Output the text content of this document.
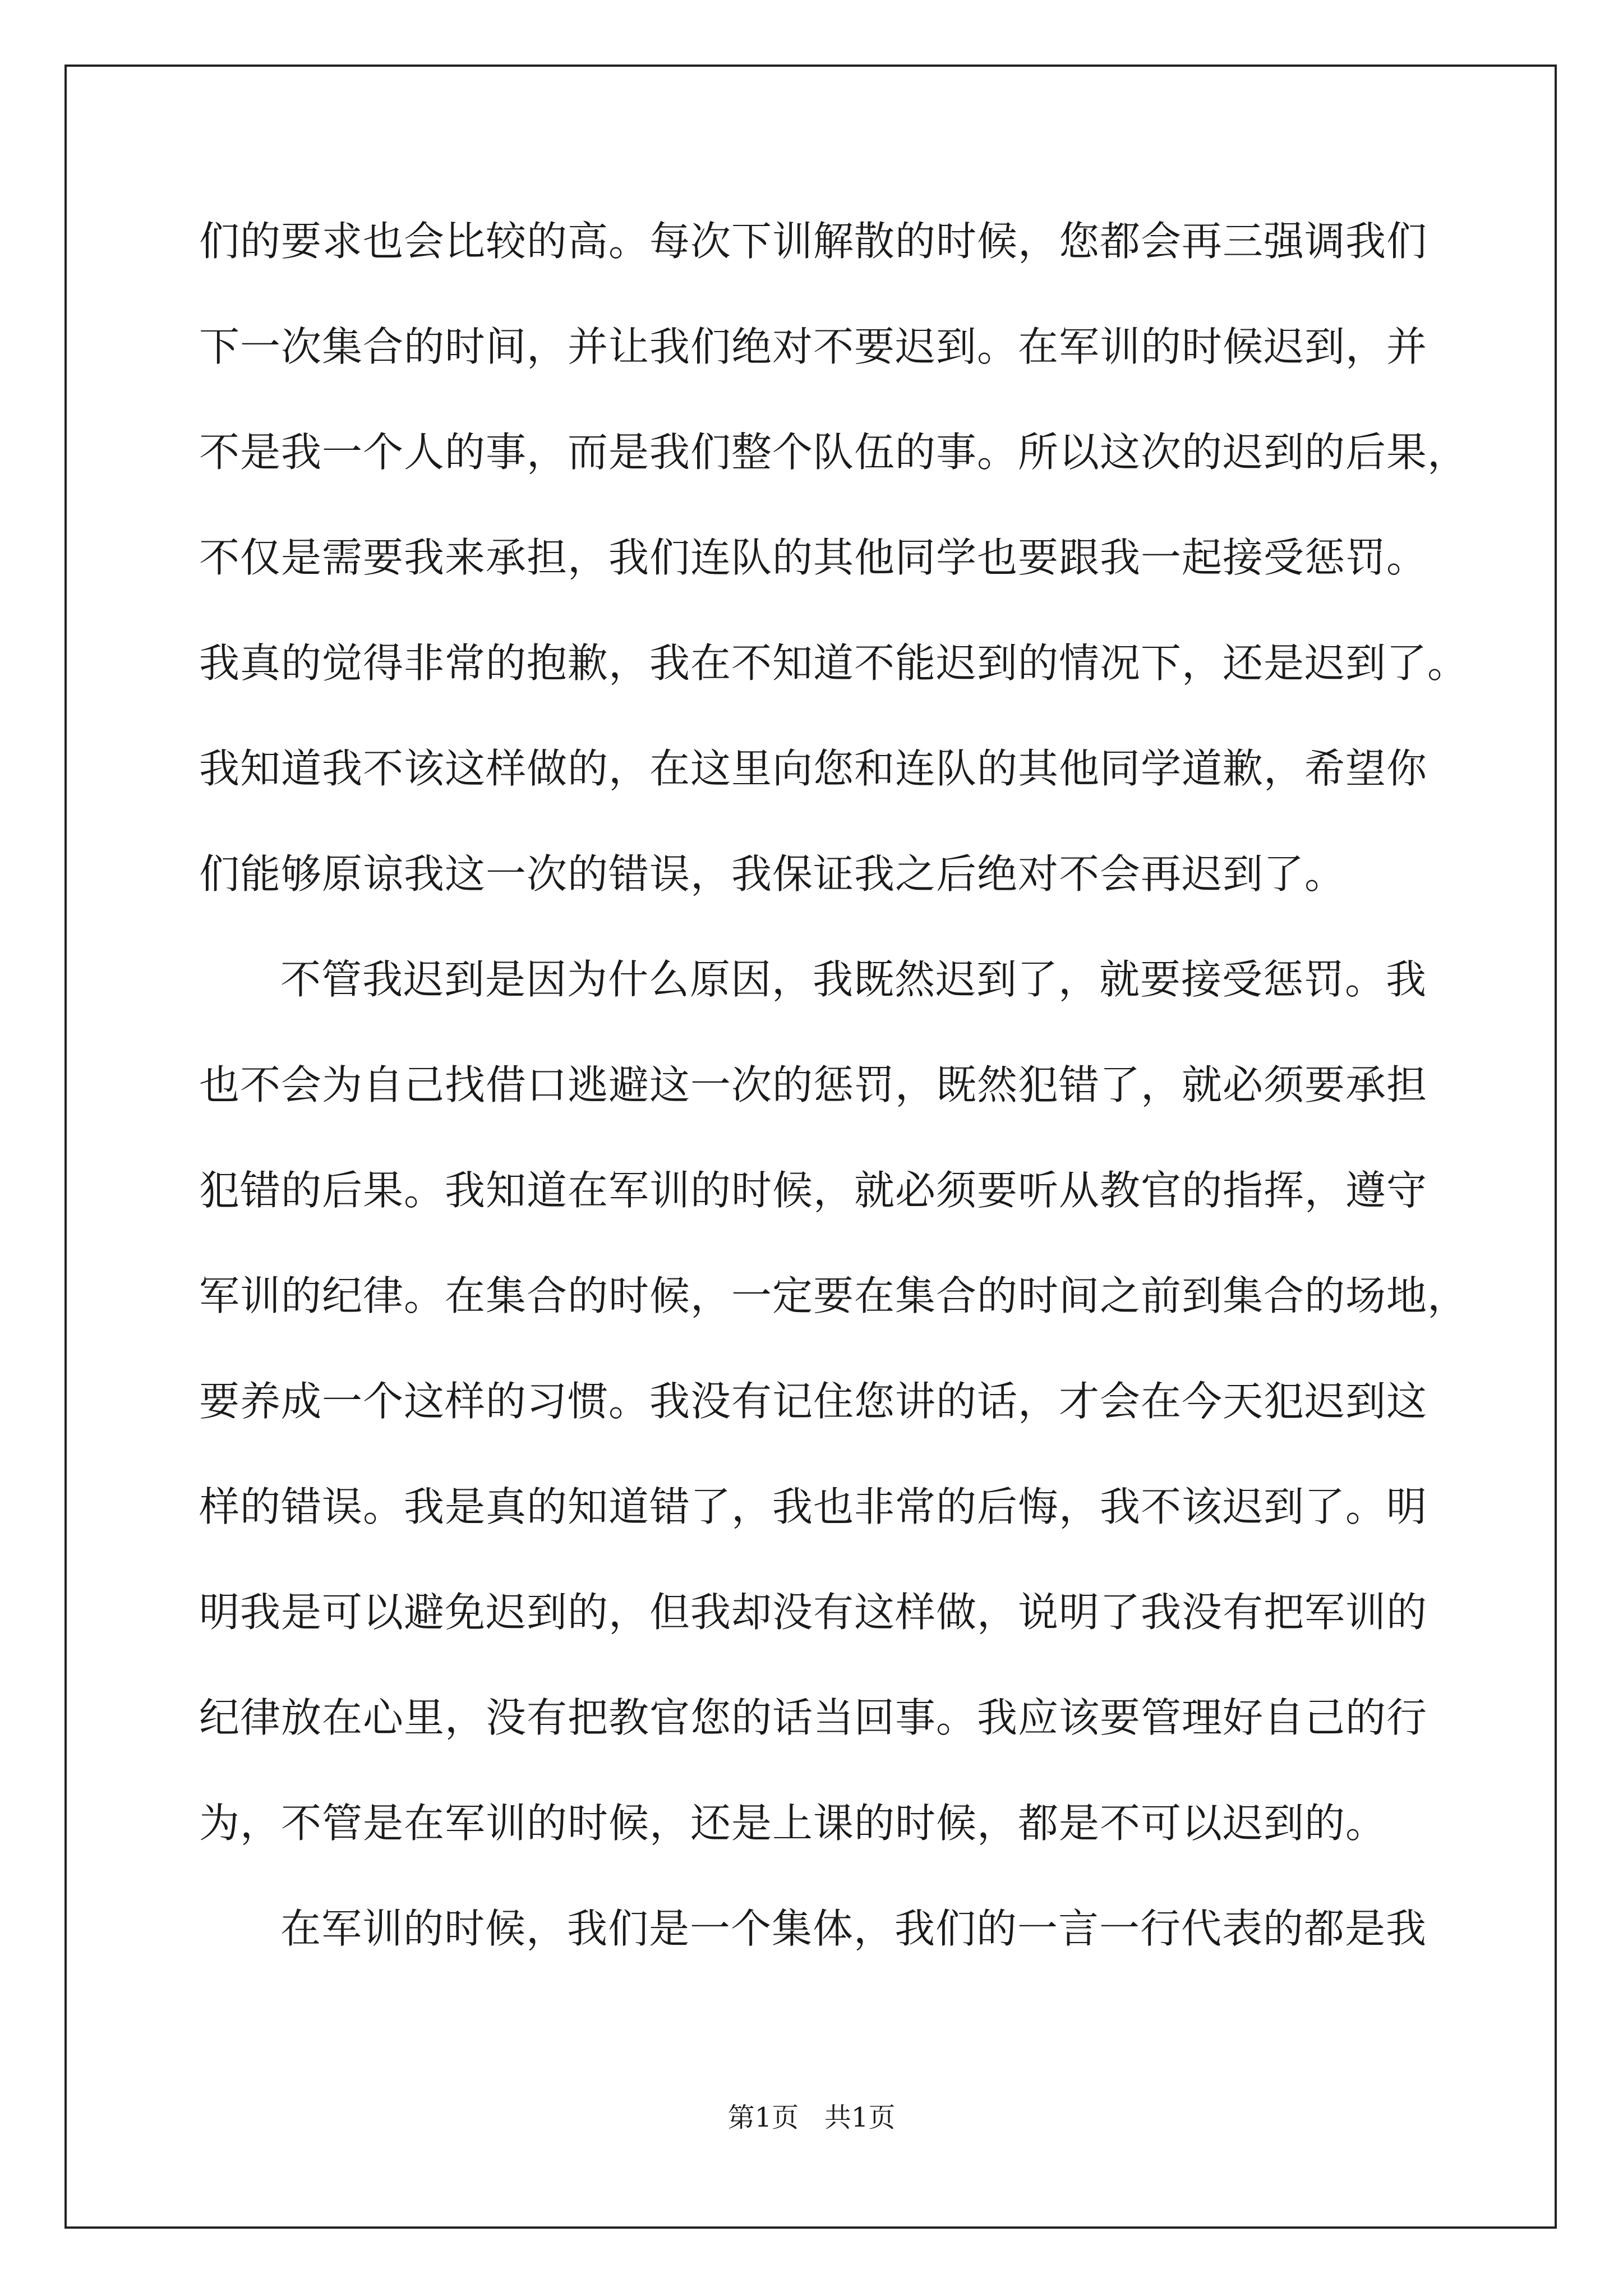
们的要求也会比较的高。每次下训解散的时候，您都会再三强调我们
下一次集合的时间，并让我们绝对不要迟到。在军训的时候迟到，并
不是我一个人的事，而是我们整个队伍的事。所以这次的迟到的后果，
不仅是需要我来承担，我们连队的其他同学也要跟我一起接受惩罚。
我真的觉得非常的抱歉，我在不知道不能迟到的情况下，还是迟到了。
我知道我不该这样做的，在这里向您和连队的其他同学道歉，希望你
们能够原谅我这一次的错误，我保证我之后绝对不会再迟到了。
不管我迟到是因为什么原因，我既然迟到了，就要接受惩罚。我
也不会为自己找借口逃避这一次的惩罚，既然犯错了，就必须要承担
犯错的后果。我知道在军训的时候，就必须要听从教官的指挥，遵守
军训的纪律。在集合的时候，一定要在集合的时间之前到集合的场地，
要养成一个这样的习惯。我没有记住您讲的话，才会在今天犯迟到这
样的错误。我是真的知道错了，我也非常的后悔，我不该迟到了。明
明我是可以避免迟到的，但我却没有这样做，说明了我没有把军训的
纪律放在心里，没有把教官您的话当回事。我应该要管理好自己的行
为，不管是在军训的时候，还是上课的时候，都是不可以迟到的。
在军训的时候，我们是一个集体，我们的一言一行代表的都是我
第1页   共1页
